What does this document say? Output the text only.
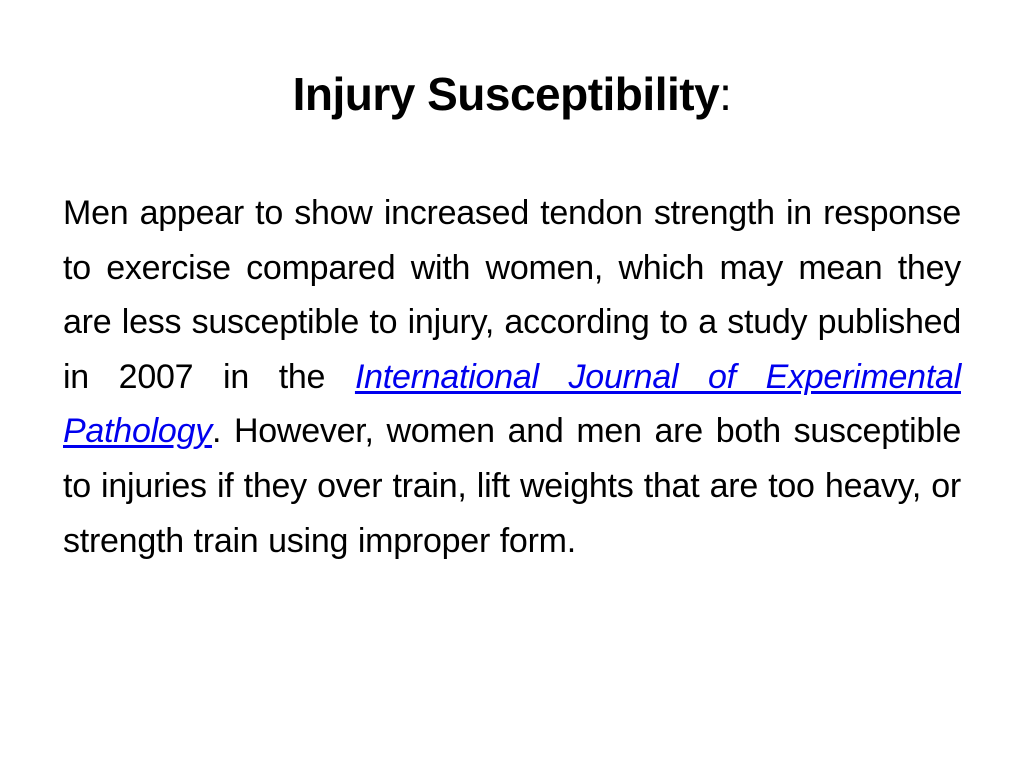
Injury Susceptibility:
Men appear to show increased tendon strength in response to exercise compared with women, which may mean they are less susceptible to injury, according to a study published in 2007 in the International Journal of Experimental Pathology. However, women and men are both susceptible to injuries if they over train, lift weights that are too heavy, or strength train using improper form.
